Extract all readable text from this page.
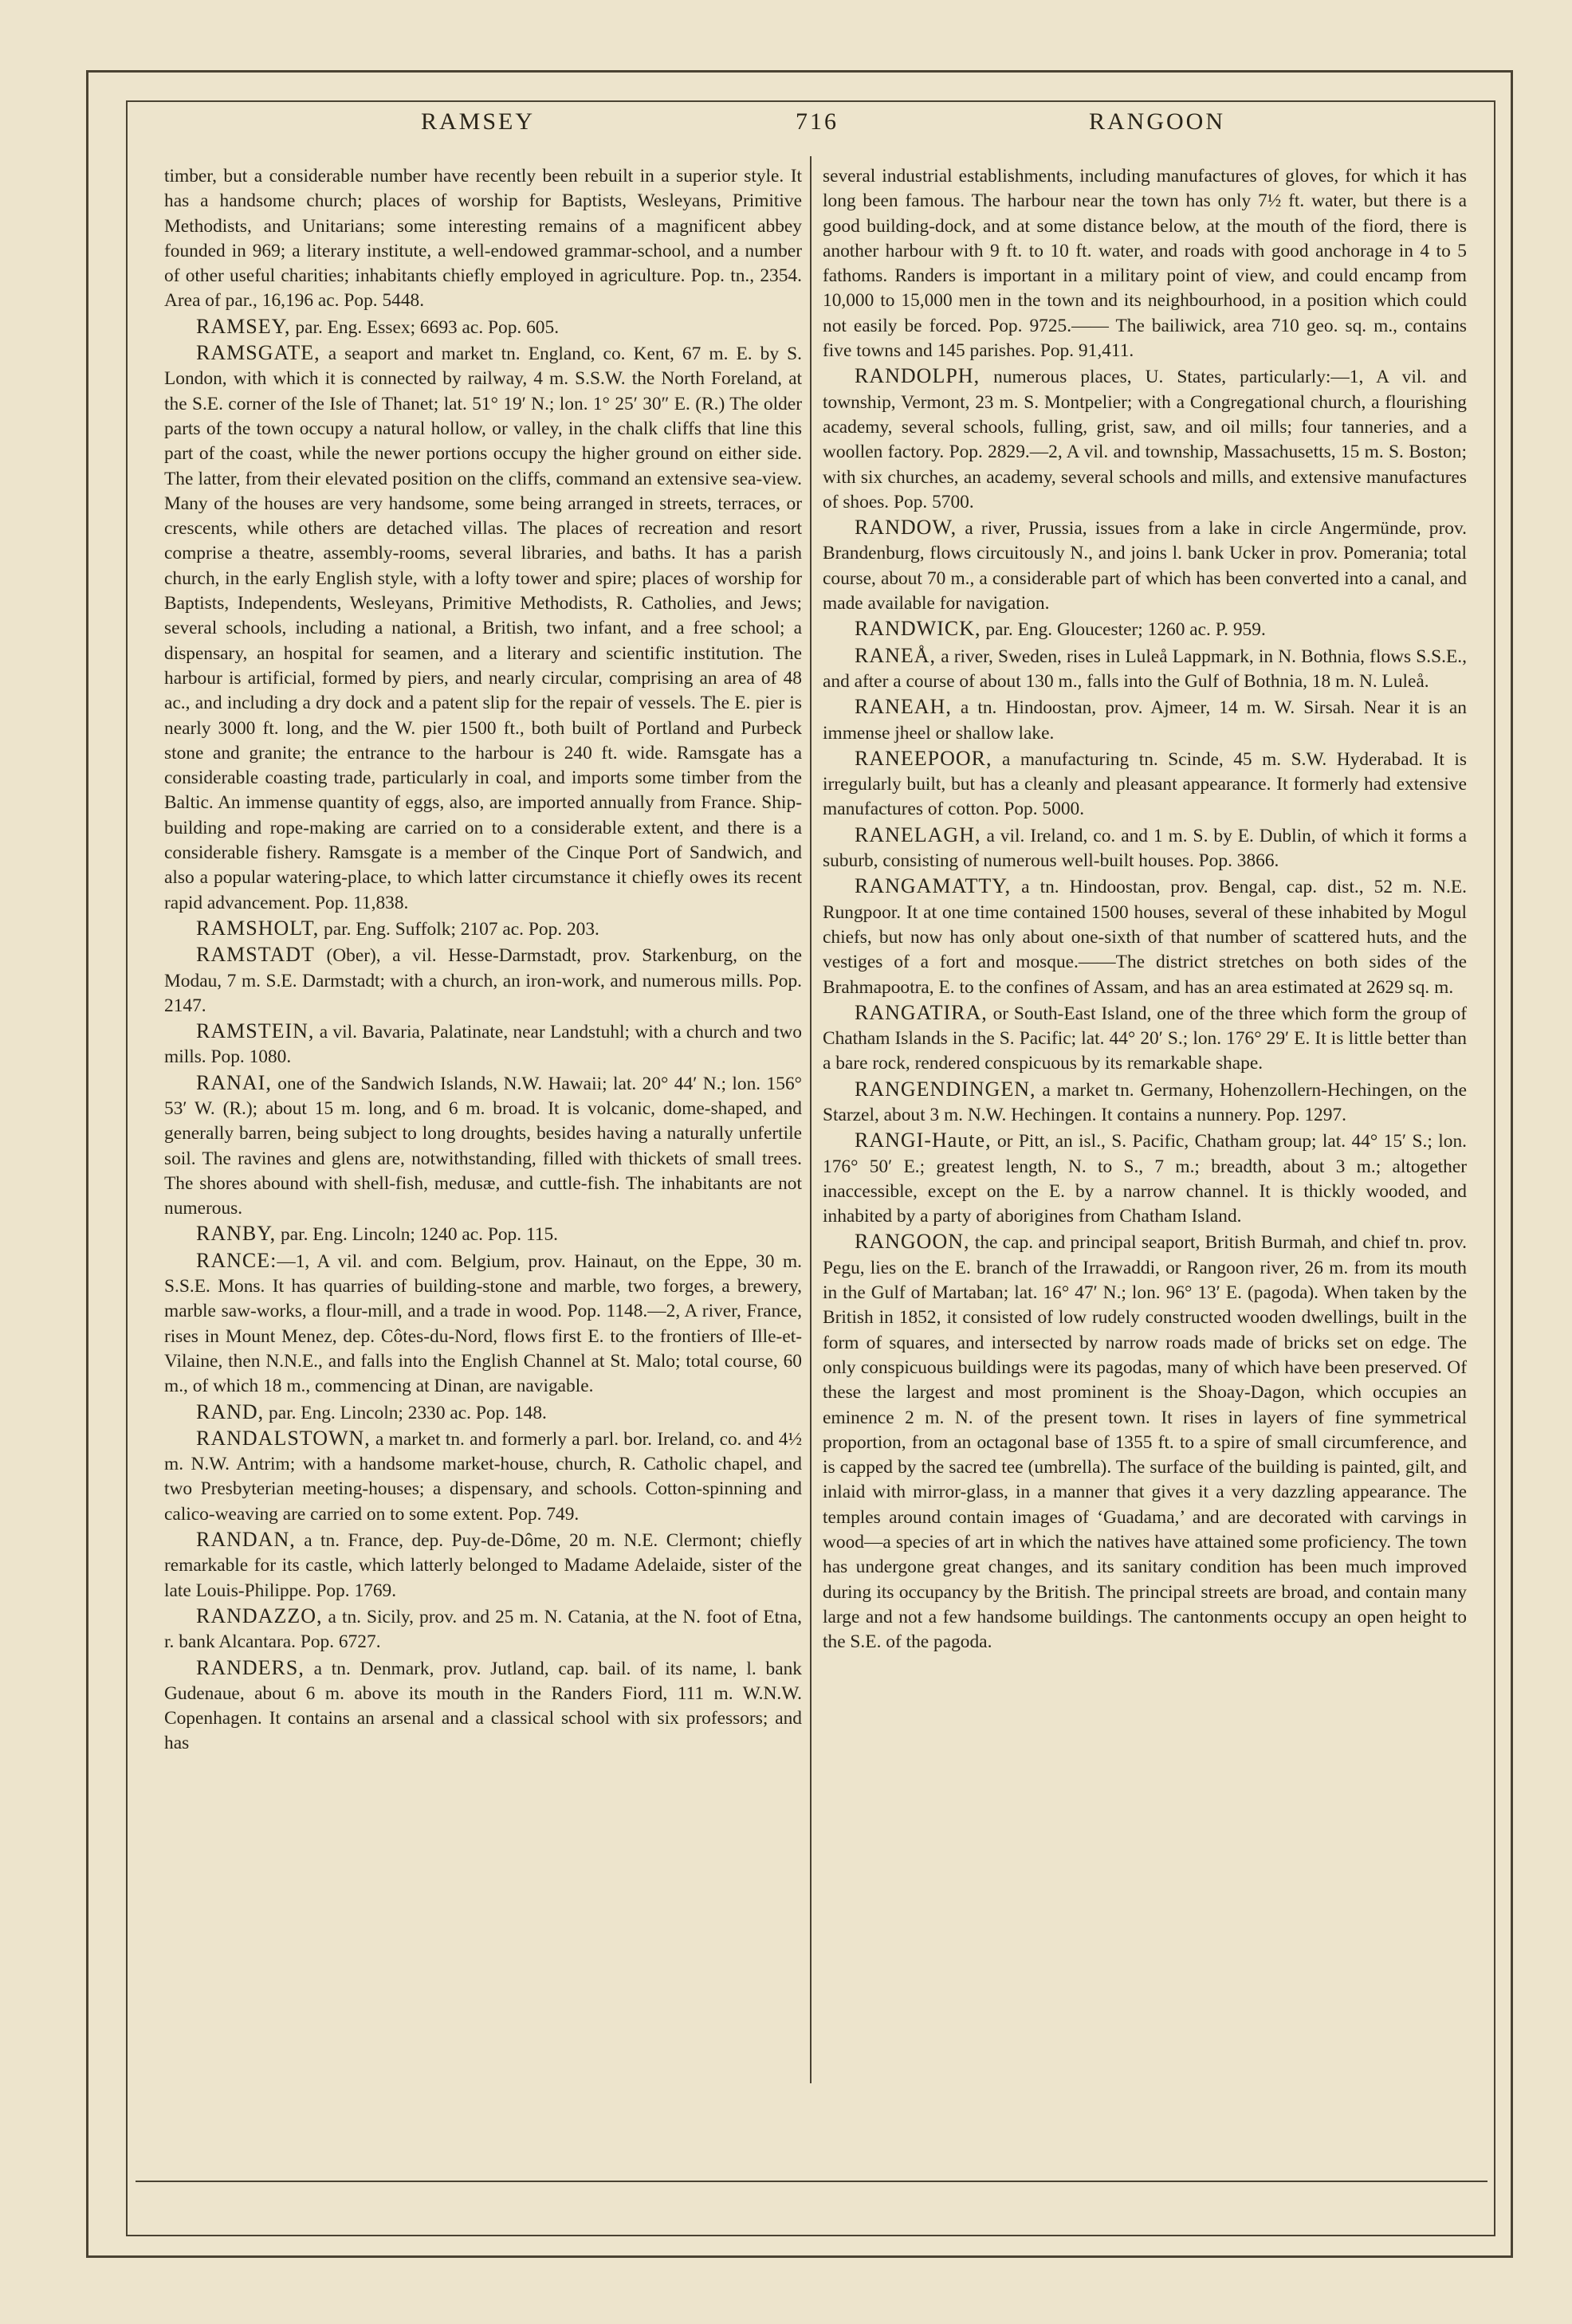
RAMSEY	716	RANGOON

timber, but a considerable number have recently been rebuilt in a superior style. It has a handsome church; places of worship for Baptists, Wesleyans, Primitive Methodists, and Unitarians; some interesting remains of a magnificent abbey founded in 969; a literary institute, a well-endowed grammar-school, and a number of other useful charities; inhabitants chiefly employed in agriculture. Pop. tn., 2354. Area of par., 16,196 ac. Pop. 5448.

RAMSEY, par. Eng. Essex; 6693 ac. Pop. 605.

RAMSGATE, a seaport and market tn. England, co. Kent, 67 m. E. by S. London, with which it is connected by railway, 4 m. S.S.W. the North Foreland, at the S.E. corner of the Isle of Thanet; lat. 51° 19′ N.; lon. 1° 25′ 30″ E. (R.) The older parts of the town occupy a natural hollow, or valley, in the chalk cliffs that line this part of the coast, while the newer portions occupy the higher ground on either side. The latter, from their elevated position on the cliffs, command an extensive sea-view. Many of the houses are very handsome, some being arranged in streets, terraces, or crescents, while others are detached villas. The places of recreation and resort comprise a theatre, assembly-rooms, several libraries, and baths. It has a parish church, in the early English style, with a lofty tower and spire; places of worship for Baptists, Independents, Wesleyans, Primitive Methodists, R. Catholies, and Jews; several schools, including a national, a British, two infant, and a free school; a dispensary, an hospital for seamen, and a literary and scientific institution. The harbour is artificial, formed by piers, and nearly circular, comprising an area of 48 ac., and including a dry dock and a patent slip for the repair of vessels. The E. pier is nearly 3000 ft. long, and the W. pier 1500 ft., both built of Portland and Purbeck stone and granite; the entrance to the harbour is 240 ft. wide. Ramsgate has a considerable coasting trade, particularly in coal, and imports some timber from the Baltic. An immense quantity of eggs, also, are imported annually from France. Ship-building and rope-making are carried on to a considerable extent, and there is a considerable fishery. Ramsgate is a member of the Cinque Port of Sandwich, and also a popular watering-place, to which latter circumstance it chiefly owes its recent rapid advancement. Pop. 11,838.

RAMSHOLT, par. Eng. Suffolk; 2107 ac. Pop. 203.

RAMSTADT (Ober), a vil. Hesse-Darmstadt, prov. Starkenburg, on the Modau, 7 m. S.E. Darmstadt; with a church, an iron-work, and numerous mills. Pop. 2147.

RAMSTEIN, a vil. Bavaria, Palatinate, near Landstuhl; with a church and two mills. Pop. 1080.

RANAI, one of the Sandwich Islands, N.W. Hawaii; lat. 20° 44′ N.; lon. 156° 53′ W. (R.); about 15 m. long, and 6 m. broad. It is volcanic, dome-shaped, and generally barren, being subject to long droughts, besides having a naturally unfertile soil. The ravines and glens are, notwithstanding, filled with thickets of small trees. The shores abound with shell-fish, medusæ, and cuttle-fish. The inhabitants are not numerous.

RANBY, par. Eng. Lincoln; 1240 ac. Pop. 115.

RANCE:—1, A vil. and com. Belgium, prov. Hainaut, on the Eppe, 30 m. S.S.E. Mons. It has quarries of building-stone and marble, two forges, a brewery, marble saw-works, a flour-mill, and a trade in wood. Pop. 1148.—2, A river, France, rises in Mount Menez, dep. Côtes-du-Nord, flows first E. to the frontiers of Ille-et-Vilaine, then N.N.E., and falls into the English Channel at St. Malo; total course, 60 m., of which 18 m., commencing at Dinan, are navigable.

RAND, par. Eng. Lincoln; 2330 ac. Pop. 148.

RANDALSTOWN, a market tn. and formerly a parl. bor. Ireland, co. and 4½ m. N.W. Antrim; with a handsome market-house, church, R. Catholic chapel, and two Presbyterian meeting-houses; a dispensary, and schools. Cotton-spinning and calico-weaving are carried on to some extent. Pop. 749.

RANDAN, a tn. France, dep. Puy-de-Dôme, 20 m. N.E. Clermont; chiefly remarkable for its castle, which latterly belonged to Madame Adelaide, sister of the late Louis-Philippe. Pop. 1769.

RANDAZZO, a tn. Sicily, prov. and 25 m. N. Catania, at the N. foot of Etna, r. bank Alcantara. Pop. 6727.

RANDERS, a tn. Denmark, prov. Jutland, cap. bail. of its name, l. bank Gudenaue, about 6 m. above its mouth in the Randers Fiord, 111 m. W.N.W. Copenhagen. It contains an arsenal and a classical school with six professors; and has

several industrial establishments, including manufactures of gloves, for which it has long been famous. The harbour near the town has only 7½ ft. water, but there is a good building-dock, and at some distance below, at the mouth of the fiord, there is another harbour with 9 ft. to 10 ft. water, and roads with good anchorage in 4 to 5 fathoms. Randers is important in a military point of view, and could encamp from 10,000 to 15,000 men in the town and its neighbourhood, in a position which could not easily be forced. Pop. 9725.—— The bailiwick, area 710 geo. sq. m., contains five towns and 145 parishes. Pop. 91,411.

RANDOLPH, numerous places, U. States, particularly:—1, A vil. and township, Vermont, 23 m. S. Montpelier; with a Congregational church, a flourishing academy, several schools, fulling, grist, saw, and oil mills; four tanneries, and a woollen factory. Pop. 2829.—2, A vil. and township, Massachusetts, 15 m. S. Boston; with six churches, an academy, several schools and mills, and extensive manufactures of shoes. Pop. 5700.

RANDOW, a river, Prussia, issues from a lake in circle Angermünde, prov. Brandenburg, flows circuitously N., and joins l. bank Ucker in prov. Pomerania; total course, about 70 m., a considerable part of which has been converted into a canal, and made available for navigation.

RANDWICK, par. Eng. Gloucester; 1260 ac. P. 959.

RANEÅ, a river, Sweden, rises in Luleå Lappmark, in N. Bothnia, flows S.S.E., and after a course of about 130 m., falls into the Gulf of Bothnia, 18 m. N. Luleå.

RANEAH, a tn. Hindoostan, prov. Ajmeer, 14 m. W. Sirsah. Near it is an immense jheel or shallow lake.

RANEEPOOR, a manufacturing tn. Scinde, 45 m. S.W. Hyderabad. It is irregularly built, but has a cleanly and pleasant appearance. It formerly had extensive manufactures of cotton. Pop. 5000.

RANELAGH, a vil. Ireland, co. and 1 m. S. by E. Dublin, of which it forms a suburb, consisting of numerous well-built houses. Pop. 3866.

RANGAMATTY, a tn. Hindoostan, prov. Bengal, cap. dist., 52 m. N.E. Rungpoor. It at one time contained 1500 houses, several of these inhabited by Mogul chiefs, but now has only about one-sixth of that number of scattered huts, and the vestiges of a fort and mosque.——The district stretches on both sides of the Brahmapootra, E. to the confines of Assam, and has an area estimated at 2629 sq. m.

RANGATIRA, or South-East Island, one of the three which form the group of Chatham Islands in the S. Pacific; lat. 44° 20′ S.; lon. 176° 29′ E. It is little better than a bare rock, rendered conspicuous by its remarkable shape.

RANGENDINGEN, a market tn. Germany, Hohenzollern-Hechingen, on the Starzel, about 3 m. N.W. Hechingen. It contains a nunnery. Pop. 1297.

RANGI-Haute, or Pitt, an isl., S. Pacific, Chatham group; lat. 44° 15′ S.; lon. 176° 50′ E.; greatest length, N. to S., 7 m.; breadth, about 3 m.; altogether inaccessible, except on the E. by a narrow channel. It is thickly wooded, and inhabited by a party of aborigines from Chatham Island.

RANGOON, the cap. and principal seaport, British Burmah, and chief tn. prov. Pegu, lies on the E. branch of the Irrawaddi, or Rangoon river, 26 m. from its mouth in the Gulf of Martaban; lat. 16° 47′ N.; lon. 96° 13′ E. (pagoda). When taken by the British in 1852, it consisted of low rudely constructed wooden dwellings, built in the form of squares, and intersected by narrow roads made of bricks set on edge. The only conspicuous buildings were its pagodas, many of which have been preserved. Of these the largest and most prominent is the Shoay-Dagon, which occupies an eminence 2 m. N. of the present town. It rises in layers of fine symmetrical proportion, from an octagonal base of 1355 ft. to a spire of small circumference, and is capped by the sacred tee (umbrella). The surface of the building is painted, gilt, and inlaid with mirror-glass, in a manner that gives it a very dazzling appearance. The temples around contain images of ‘Guadama,’ and are decorated with carvings in wood—a species of art in which the natives have attained some proficiency. The town has undergone great changes, and its sanitary condition has been much improved during its occupancy by the British. The principal streets are broad, and contain many large and not a few handsome buildings. The cantonments occupy an open height to the S.E. of the pagoda.
